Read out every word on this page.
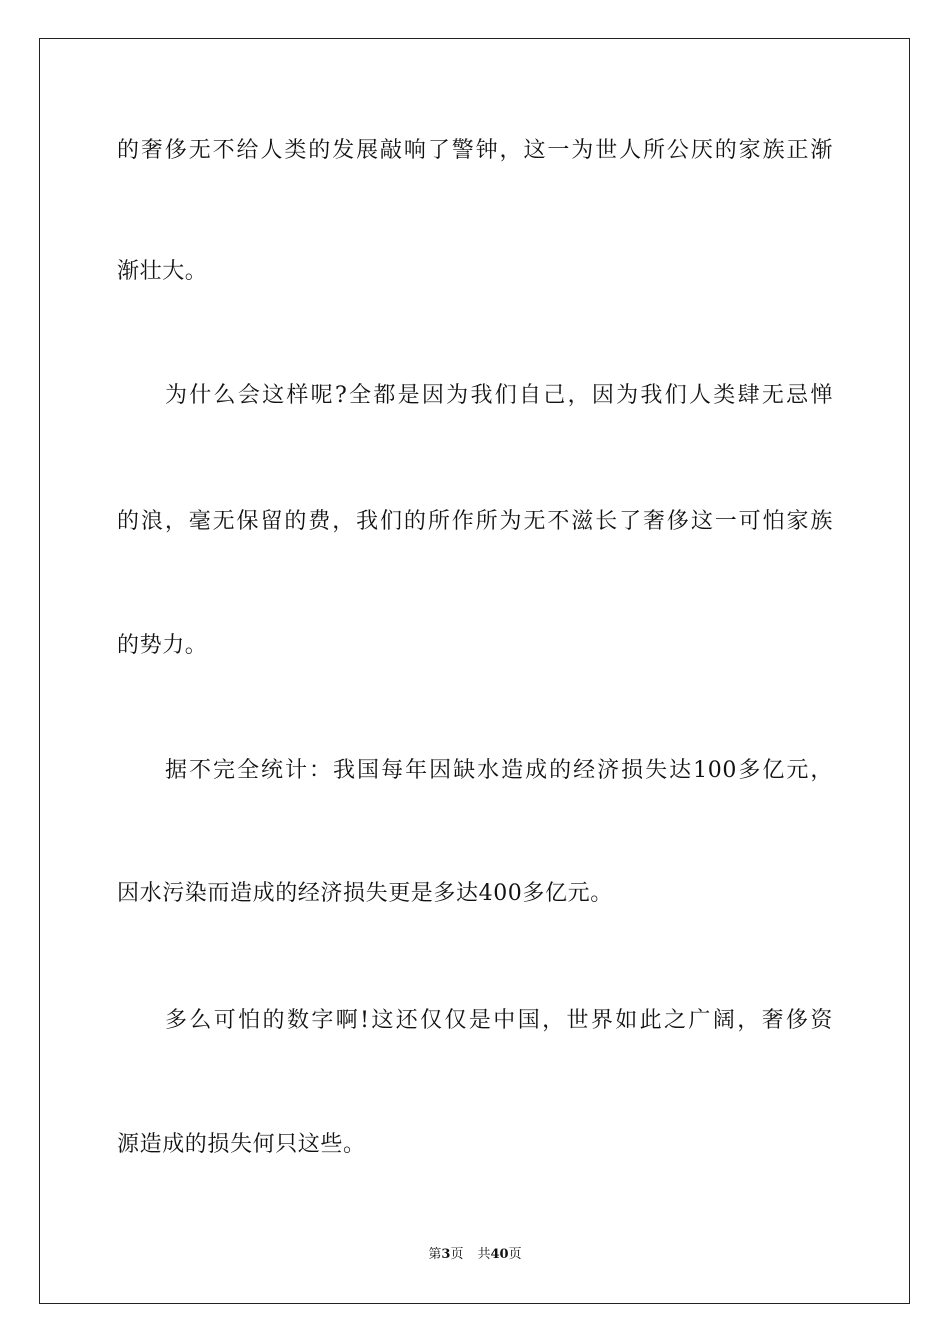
的奢侈无不给人类的发展敲响了警钟，这一为世人所公厌的家族正渐
渐壮大。
为什么会这样呢?全都是因为我们自己，因为我们人类肆无忌惮
的浪，毫无保留的费，我们的所作所为无不滋长了奢侈这一可怕家族
的势力。
据不完全统计：我国每年因缺水造成的经济损失达100多亿元，
因水污染而造成的经济损失更是多达400多亿元。
多么可怕的数字啊!这还仅仅是中国，世界如此之广阔，奢侈资
源造成的损失何只这些。
第3页 共40页
